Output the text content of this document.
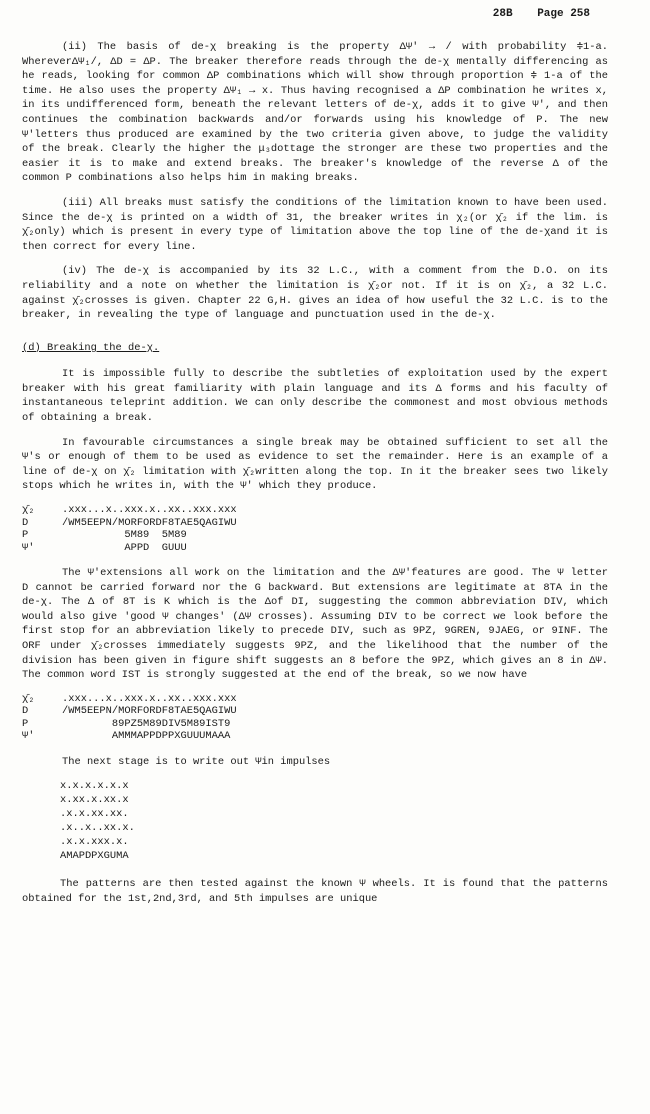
28B Page 258

(ii) The basis of de-χ breaking is the property ΔΨ′ → / with probability ≑1-a. WhereverΔΨ₁/, ΔD = ΔP. The breaker therefore reads through the de-χ mentally differencing as he reads, looking for common ΔP combinations which will show through proportion ≑ 1-a of the time. He also uses the property ΔΨ₁ → x. Thus having recognised a ΔP combination he writes x, in its undifferenced form, beneath the relevant letters of de-χ, adds it to give Ψ′, and then continues the combination backwards and/or forwards using his knowledge of P. The new Ψ′letters thus produced are examined by the two criteria given above, to judge the validity of the break. Clearly the higher the μ₃dottage the stronger are these two properties and the easier it is to make and extend breaks. The breaker's knowledge of the reverse Δ of the common P combinations also helps him in making breaks.

(iii) All breaks must satisfy the conditions of the limitation known to have been used. Since the de-χ is printed on a width of 31, the breaker writes in χ₂(or χ̄₂ if the lim. is χ̄₂only) which is present in every type of limitation above the top line of the de-χand it is then correct for every line.

(iv) The de-χ is accompanied by its 32 L.C., with a comment from the D.O. on its reliability and a note on whether the limitation is χ̄₂or not. If it is on χ̄₂, a 32 L.C. against χ̄₂crosses is given. Chapter 22 G,H. gives an idea of how useful the 32 L.C. is to the breaker, in revealing the type of language and punctuation used in the de-χ.

(d) Breaking the de-χ.

It is impossible fully to describe the subtleties of exploitation used by the expert breaker with his great familiarity with plain language and its Δ forms and his faculty of instantaneous teleprint addition. We can only describe the commonest and most obvious methods of obtaining a break.

In favourable circumstances a single break may be obtained sufficient to set all the Ψ's or enough of them to be used as evidence to set the remainder. Here is an example of a line of de-χ on χ̄₂ limitation with χ̄₂written along the top. In it the breaker sees two likely stops which he writes in, with the Ψ′ which they produce.

χ̄₂	.xxx...x..xxx.x..xx..xxx.xxx
D	/WM5EEPN/MORFORDF8TAE5QAGIWU
P	5M89  5M89
Ψ′	APPD  GUUU

The Ψ′extensions all work on the limitation and the ΔΨ′features are good. The Ψ letter D cannot be carried forward nor the G backward. But extensions are legitimate at 8TA in the de-χ. The Δ of 8T is K which is the Δof DI, suggesting the common abbreviation DIV, which would also give 'good Ψ changes' (ΔΨ crosses). Assuming DIV to be correct we look before the first stop for an abbreviation likely to precede DIV, such as 9PZ, 9GREN, 9JAEG, or 9INF. The ORF under χ̄₂crosses immediately suggests 9PZ, and the likelihood that the number of the division has been given in figure shift suggests an 8 before the 9PZ, which gives an 8 in ΔΨ. The common word IST is strongly suggested at the end of the break, so we now have

χ̄₂	.xxx...x..xxx.x..xx..xxx.xxx
D	/WM5EEPN/MORFORDF8TAE5QAGIWU
P	89PZ5M89DIV5M89IST9
Ψ′	AMMMAPPDPPXGUUUMAAA

The next stage is to write out Ψin impulses

x.x.x.x.x.x
x.xx.x.xx.x
.x.x.xx.xx.
.x..x..xx.x.
.x.x.xxx.x.
AMAPDPXGUMA

The patterns are then tested against the known Ψ wheels. It is found that the patterns obtained for the 1st,2nd,3rd, and 5th impulses are unique
